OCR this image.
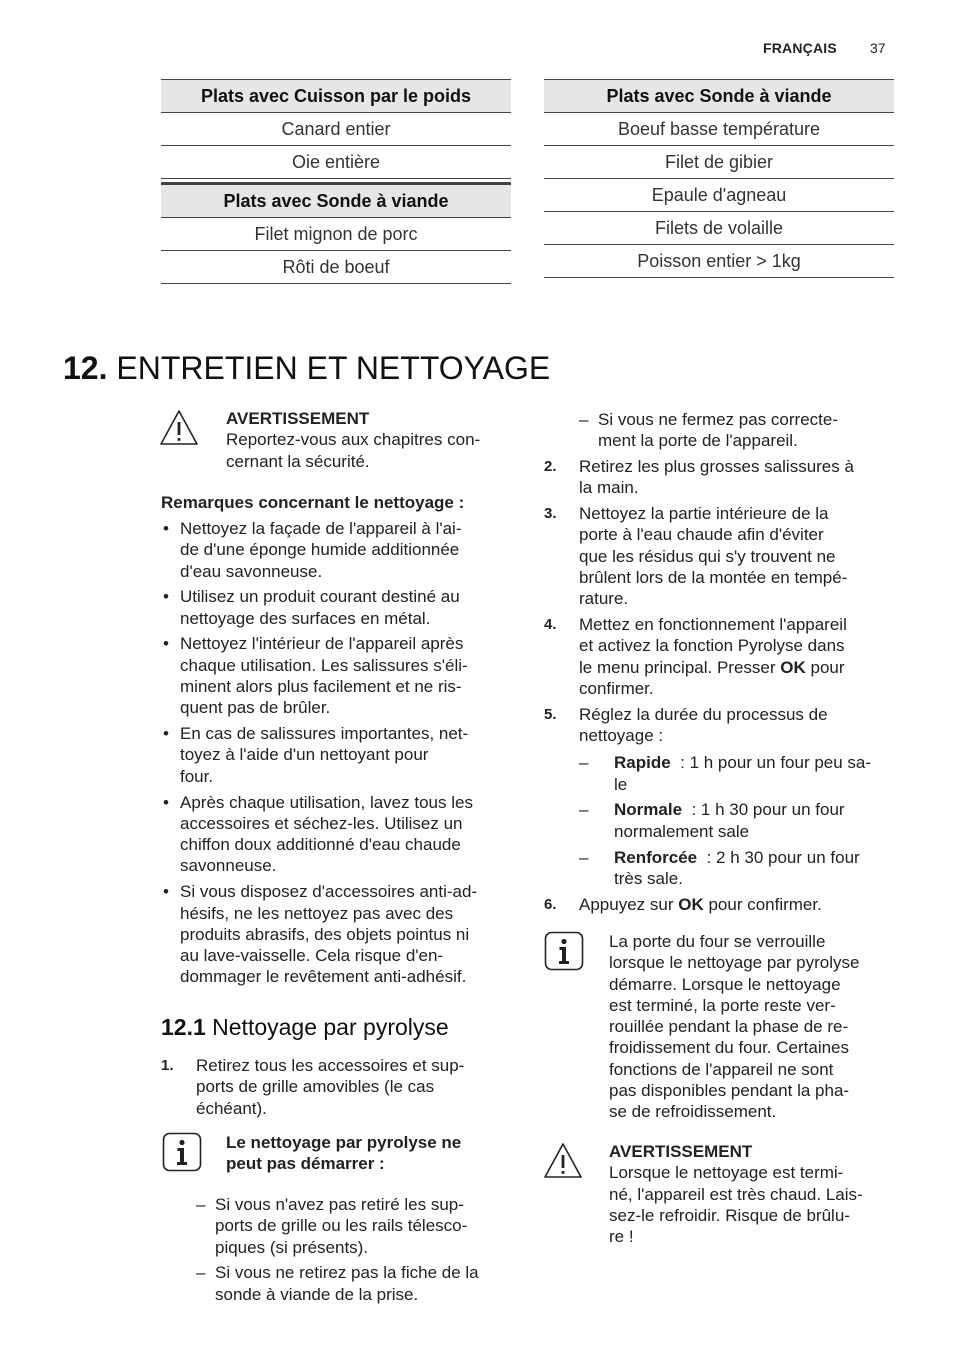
FRANÇAIS 37
Plats avec Cuisson par le poids
Canard entier
Oie entière
Plats avec Sonde à viande
Filet mignon de porc
Rôti de boeuf
Plats avec Sonde à viande
Boeuf basse température
Filet de gibier
Epaule d'agneau
Filets de volaille
Poisson entier > 1kg
12. ENTRETIEN ET NETTOYAGE
AVERTISSEMENT
Reportez-vous aux chapitres con-
cernant la sécurité.
Remarques concernant le nettoyage :
• Nettoyez la façade de l'appareil à l'ai-
de d'une éponge humide additionnée
d'eau savonneuse.
• Utilisez un produit courant destiné au
nettoyage des surfaces en métal.
• Nettoyez l'intérieur de l'appareil après
chaque utilisation. Les salissures s'éli-
minent alors plus facilement et ne ris-
quent pas de brûler.
• En cas de salissures importantes, net-
toyez à l'aide d'un nettoyant pour
four.
• Après chaque utilisation, lavez tous les
accessoires et séchez-les. Utilisez un
chiffon doux additionné d'eau chaude
savonneuse.
• Si vous disposez d'accessoires anti-ad-
hésifs, ne les nettoyez pas avec des
produits abrasifs, des objets pointus ni
au lave-vaisselle. Cela risque d'en-
dommager le revêtement anti-adhésif.
12.1 Nettoyage par pyrolyse
1. Retirez tous les accessoires et sup-
ports de grille amovibles (le cas
échéant).
Le nettoyage par pyrolyse ne
peut pas démarrer :
– Si vous n'avez pas retiré les sup-
ports de grille ou les rails télesco-
piques (si présents).
– Si vous ne retirez pas la fiche de la
sonde à viande de la prise.
– Si vous ne fermez pas correcte-
ment la porte de l'appareil.
2. Retirez les plus grosses salissures à
la main.
3. Nettoyez la partie intérieure de la
porte à l'eau chaude afin d'éviter
que les résidus qui s'y trouvent ne
brûlent lors de la montée en tempé-
rature.
4. Mettez en fonctionnement l'appareil
et activez la fonction Pyrolyse dans
le menu principal. Presser OK pour
confirmer.
5. Réglez la durée du processus de
nettoyage :
– Rapide  : 1 h pour un four peu sa-
le
– Normale  : 1 h 30 pour un four
normalement sale
– Renforcée  : 2 h 30 pour un four
très sale.
6. Appuyez sur OK pour confirmer.
La porte du four se verrouille
lorsque le nettoyage par pyrolyse
démarre. Lorsque le nettoyage
est terminé, la porte reste ver-
rouillée pendant la phase de re-
froidissement du four. Certaines
fonctions de l'appareil ne sont
pas disponibles pendant la pha-
se de refroidissement.
AVERTISSEMENT
Lorsque le nettoyage est termi-
né, l'appareil est très chaud. Lais-
sez-le refroidir. Risque de brûlu-
re !
